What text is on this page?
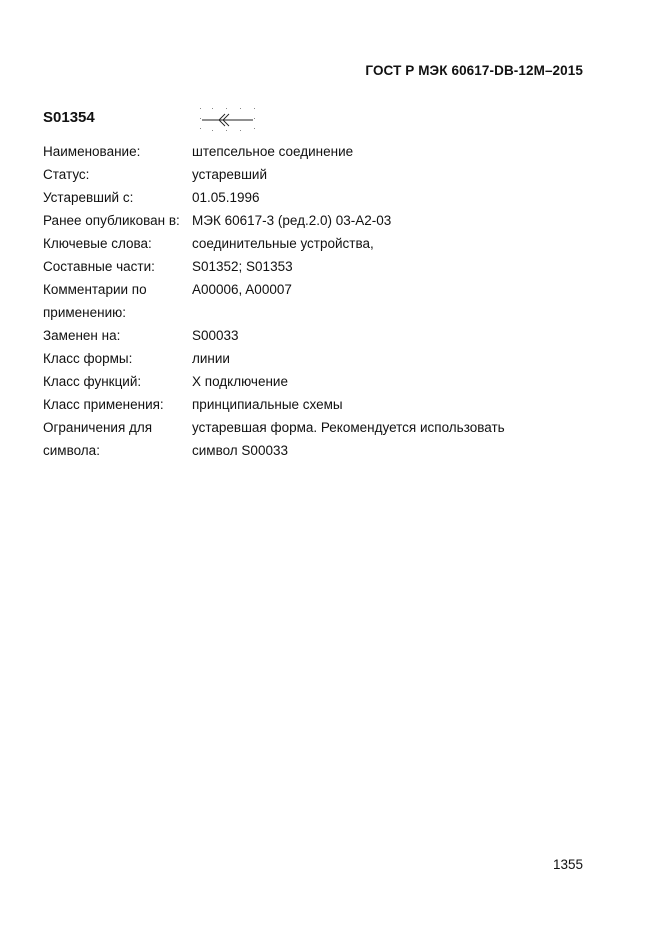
ГОСТ Р МЭК 60617-DB-12M–2015
S01354
Наименование:	штепсельное соединение
Статус:	устаревший
Устаревший с:	01.05.1996
Ранее опубликован в: МЭК 60617-3 (ред.2.0) 03-A2-03
Ключевые слова:	соединительные устройства,
Составные части:	S01352; S01353
Комментарии по	A00006, A00007
применению:
Заменен на:	S00033
Класс формы:	линии
Класс функций:	X подключение
Класс применения:	принципиальные схемы
Ограничения для	устаревшая форма. Рекомендуется использовать
символа:	символ S00033
1355
